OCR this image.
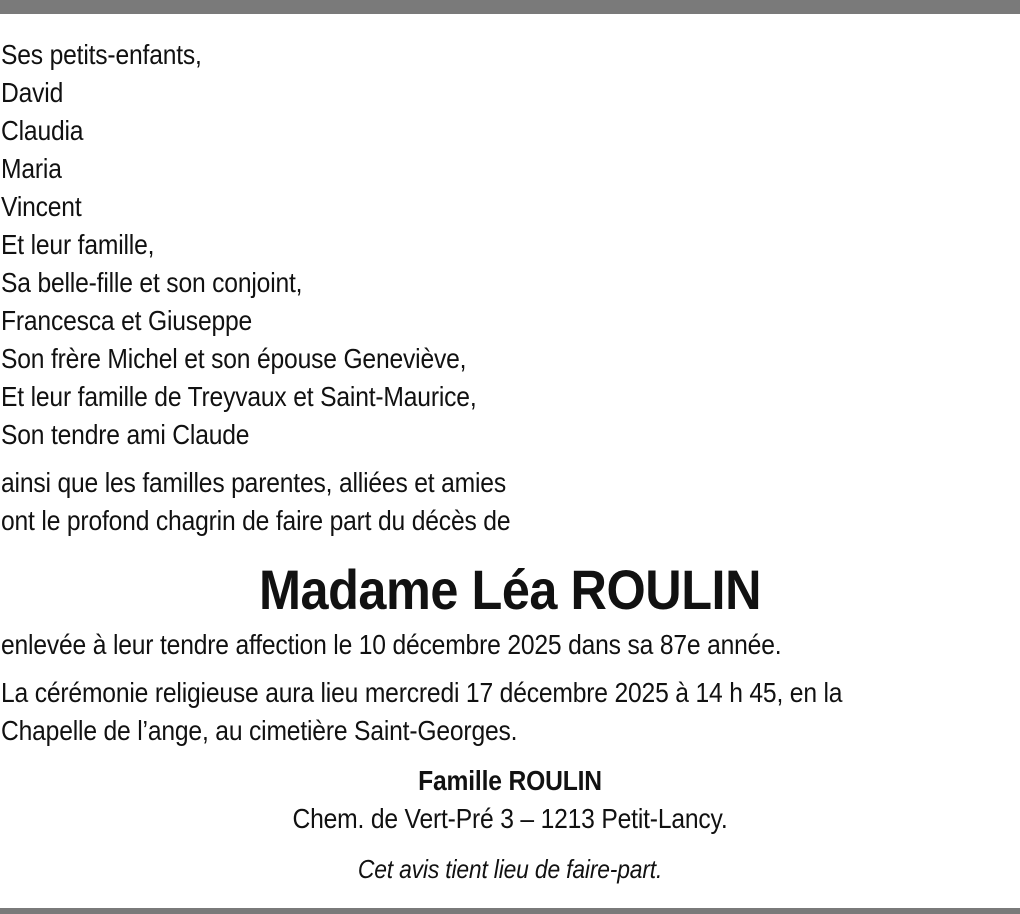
Ses petits-enfants,
David
Claudia
Maria
Vincent
Et leur famille,
Sa belle-fille et son conjoint,
Francesca et Giuseppe
Son frère Michel et son épouse Geneviève,
Et leur famille de Treyvaux et Saint-Maurice,
Son tendre ami Claude
ainsi que les familles parentes, alliées et amies
ont le profond chagrin de faire part du décès de
Madame Léa ROULIN
enlevée à leur tendre affection le 10 décembre 2025 dans sa 87e année.
La cérémonie religieuse aura lieu mercredi 17 décembre 2025 à 14 h 45, en la
Chapelle de l’ange, au cimetière Saint-Georges.
Famille ROULIN
Chem. de Vert-Pré 3 – 1213 Petit-Lancy.
Cet avis tient lieu de faire-part.
